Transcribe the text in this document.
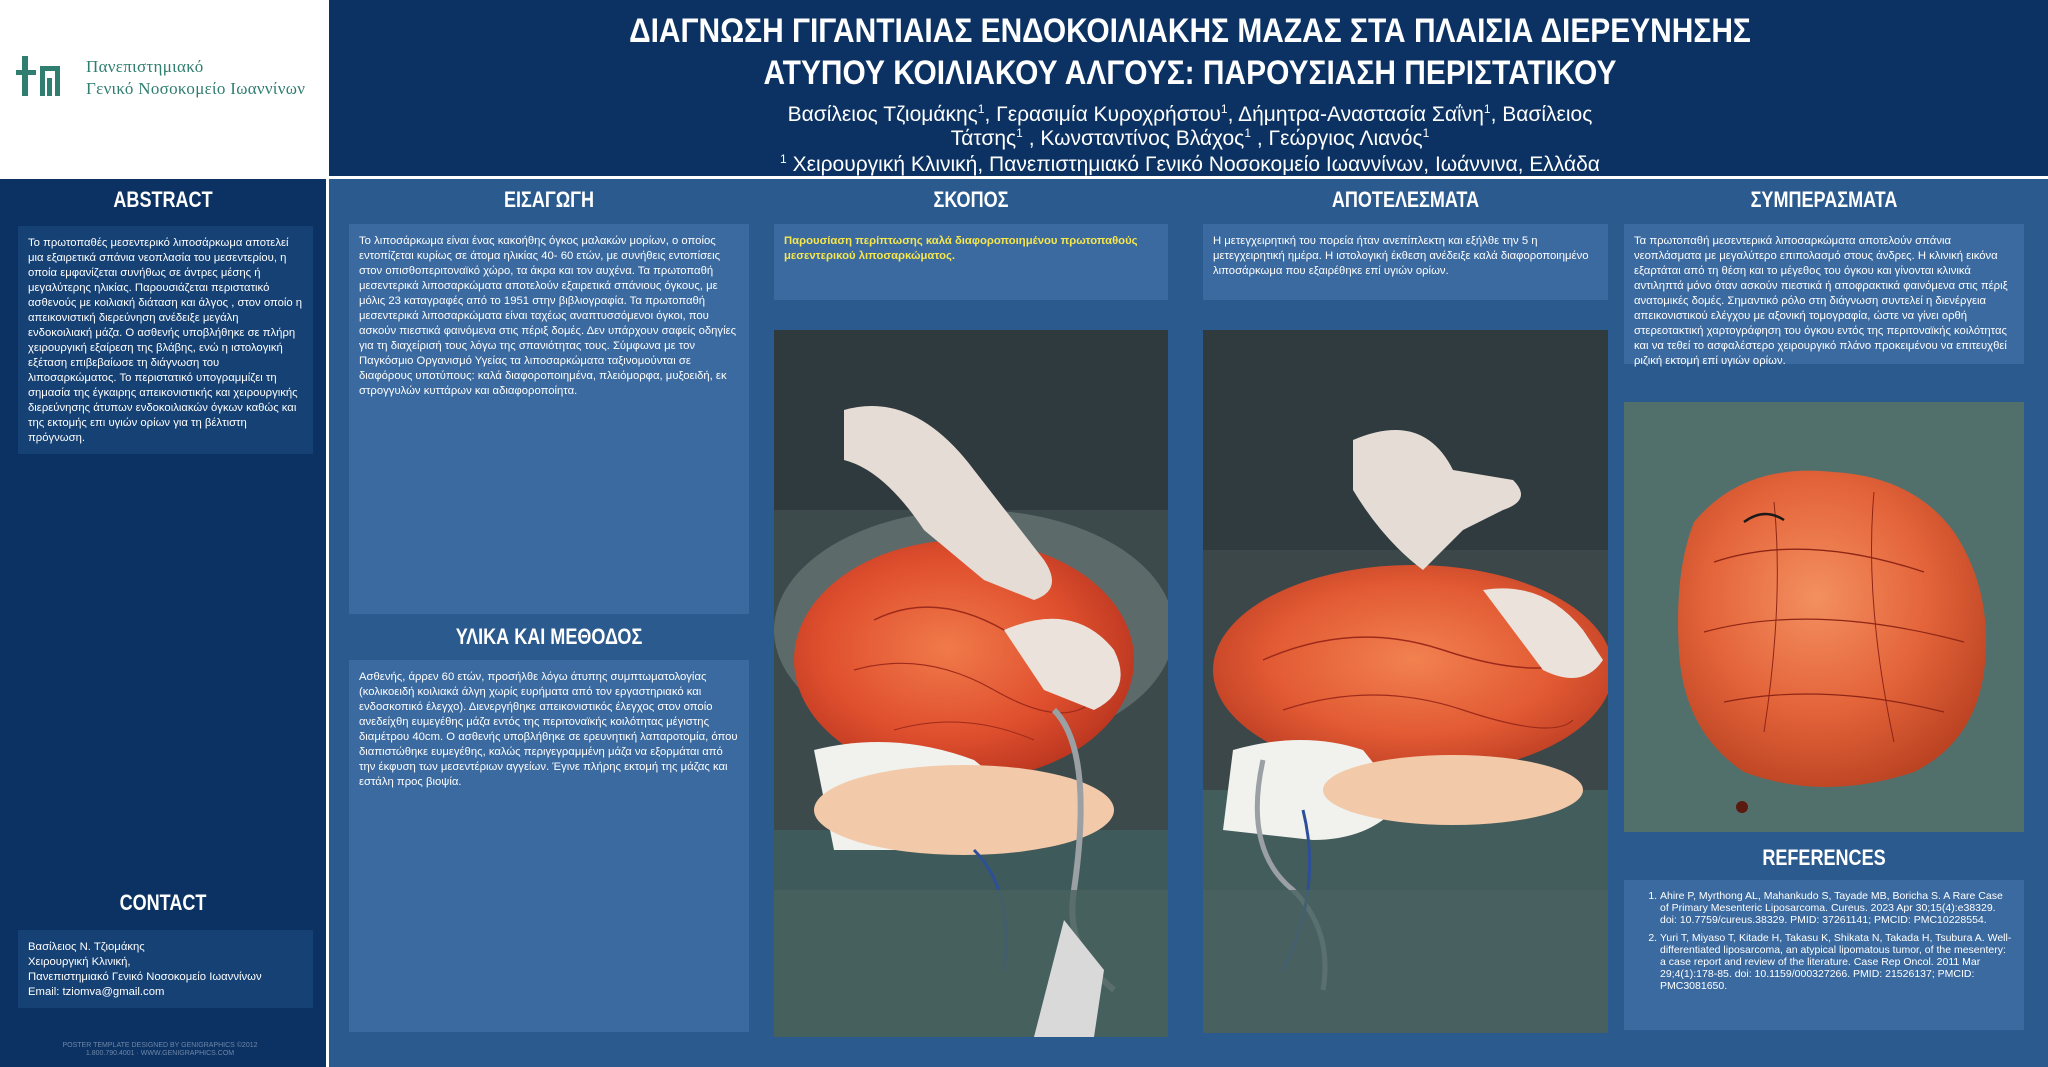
Πανεπιστημιακό
Γενικό Νοσοκομείο Ιωαννίνων
ΔΙΑΓΝΩΣΗ ΓΙΓΑΝΤΙΑΙΑΣ ΕΝΔΟΚΟΙΛΙΑΚΗΣ ΜΑΖΑΣ ΣΤΑ ΠΛΑΙΣΙΑ ΔΙΕΡΕΥΝΗΣΗΣ
ΑΤΥΠΟΥ ΚΟΙΛΙΑΚΟΥ ΑΛΓΟΥΣ: ΠΑΡΟΥΣΙΑΣΗ ΠΕΡΙΣΤΑΤΙΚΟΥ
Βασίλειος Τζιομάκης$^1$, Γερασιμία Κυροχρήστου$^1$, Δήμητρα-Αναστασία Σαΐνη$^1$, Βασίλειος
Τάτσης$^1$ , Κωνσταντίνος Βλάχος$^1$ , Γεώργιος Λιανός$^1$
$^1$ Χειρουργική Κλινική, Πανεπιστημιακό Γενικό Νοσοκομείο Ιωαννίνων, Ιωάννινα, Ελλάδα
ABSTRACT
Το πρωτοπαθές μεσεντερικό λιποσάρκωμα αποτελεί μια εξαιρετικά σπάνια νεοπλασία του μεσεντερίου, η οποία εμφανίζεται συνήθως σε άντρες μέσης ή μεγαλύτερης ηλικίας. Παρουσιάζεται περιστατικό ασθενούς με κοιλιακή διάταση και άλγος , στον οποίο η απεικονιστική διερεύνηση ανέδειξε μεγάλη ενδοκοιλιακή μάζα. Ο ασθενής υποβλήθηκε σε πλήρη χειρουργική εξαίρεση της βλάβης, ενώ η ιστολογική εξέταση επιβεβαίωσε τη διάγνωση του λιποσαρκώματος. Το περιστατικό υπογραμμίζει τη σημασία της έγκαιρης απεικονιστικής και χειρουργικής διερεύνησης άτυπων ενδοκοιλιακών όγκων καθώς και της εκτομής επι υγιών ορίων για τη βέλτιστη πρόγνωση.
CONTACT
Βασίλειος Ν. Τζιομάκης
Χειρουργική Κλινική,
Πανεπιστημιακό Γενικό Νοσοκομείο Ιωαννίνων
Email: tziomva@gmail.com
POSTER TEMPLATE DESIGNED BY GENIGRAPHICS ©2012
1.800.790.4001 · WWW.GENIGRAPHICS.COM
ΕΙΣΑΓΩΓΗ
Το λιποσάρκωμα είναι ένας κακοήθης όγκος μαλακών μορίων, ο οποίος εντοπίζεται κυρίως σε άτομα ηλικίας 40- 60 ετών, με συνήθεις εντοπίσεις στον οπισθοπεριτοναϊκό χώρο, τα άκρα και τον αυχένα. Τα πρωτοπαθή μεσεντερικά λιποσαρκώματα αποτελούν εξαιρετικά σπάνιους όγκους, με μόλις 23 καταγραφές από το 1951 στην βιβλιογραφία. Τα πρωτοπαθή μεσεντερικά λιποσαρκώματα είναι ταχέως αναπτυσσόμενοι όγκοι, που ασκούν πιεστικά φαινόμενα στις πέριξ δομές. Δεν υπάρχουν σαφείς οδηγίες για τη διαχείρισή τους λόγω της σπανιότητας τους. Σύμφωνα με τον Παγκόσμιο Οργανισμό Υγείας τα λιποσαρκώματα ταξινομούνται σε διαφόρους υποτύπους: καλά διαφοροποιημένα, πλειόμορφα, μυξοειδή, εκ στρογγυλών κυττάρων και αδιαφοροποίητα.
ΥΛΙΚΑ ΚΑΙ ΜΕΘΟΔΟΣ
Ασθενής, άρρεν 60 ετών, προσήλθε λόγω άτυπης συμπτωματολογίας (κολικοειδή κοιλιακά άλγη χωρίς ευρήματα από τον εργαστηριακό και ενδοσκοπικό έλεγχο). Διενεργήθηκε απεικονιστικός έλεγχος στον οποίο ανεδείχθη ευμεγέθης μάζα εντός της περιτοναϊκής κοιλότητας μέγιστης διαμέτρου 40cm. Ο ασθενής υποβλήθηκε σε ερευνητική λαπαροτομία, όπου διαπιστώθηκε ευμεγέθης, καλώς περιγεγραμμένη μάζα να εξορμάται από την έκφυση των μεσεντέριων αγγείων. Έγινε πλήρης εκτομή της μάζας και εστάλη προς βιοψία.
ΣΚΟΠΟΣ
Παρουσίαση περίπτωσης καλά διαφοροποιημένου πρωτοπαθούς μεσεντερικού λιποσαρκώματος.
ΑΠΟΤΕΛΕΣΜΑΤΑ
Η μετεγχειρητική του πορεία ήταν ανεπίπλεκτη και εξήλθε την 5 η μετεγχειρητική ημέρα. Η ιστολογική έκθεση ανέδειξε καλά διαφοροποιημένο λιποσάρκωμα που εξαιρέθηκε επί υγιών ορίων.
ΣΥΜΠΕΡΑΣΜΑΤΑ
Τα πρωτοπαθή μεσεντερικά λιποσαρκώματα αποτελούν σπάνια νεοπλάσματα με μεγαλύτερο επιπολασμό στους άνδρες. Η κλινική εικόνα εξαρτάται από τη θέση και το μέγεθος του όγκου και γίνονται κλινικά αντιληπτά μόνο όταν ασκούν πιεστικά ή αποφρακτικά φαινόμενα στις πέριξ ανατομικές δομές. Σημαντικό ρόλο στη διάγνωση συντελεί η διενέργεια απεικονιστικού ελέγχου με αξονική τομογραφία, ώστε να γίνει ορθή στερεοτακτική χαρτογράφηση του όγκου εντός της περιτοναϊκής κοιλότητας και να τεθεί το ασφαλέστερο χειρουργικό πλάνο προκειμένου να επιτευχθεί ριζική εκτομή επί υγιών ορίων.
REFERENCES
1. Ahire P, Myrthong AL, Mahankudo S, Tayade MB, Boricha S. A Rare Case of Primary Mesenteric Liposarcoma. Cureus. 2023 Apr 30;15(4):e38329. doi: 10.7759/cureus.38329. PMID: 37261141; PMCID: PMC10228554.
2. Yuri T, Miyaso T, Kitade H, Takasu K, Shikata N, Takada H, Tsubura A. Well-differentiated liposarcoma, an atypical lipomatous tumor, of the mesentery: a case report and review of the literature. Case Rep Oncol. 2011 Mar 29;4(1):178-85. doi: 10.1159/000327266. PMID: 21526137; PMCID: PMC3081650.
